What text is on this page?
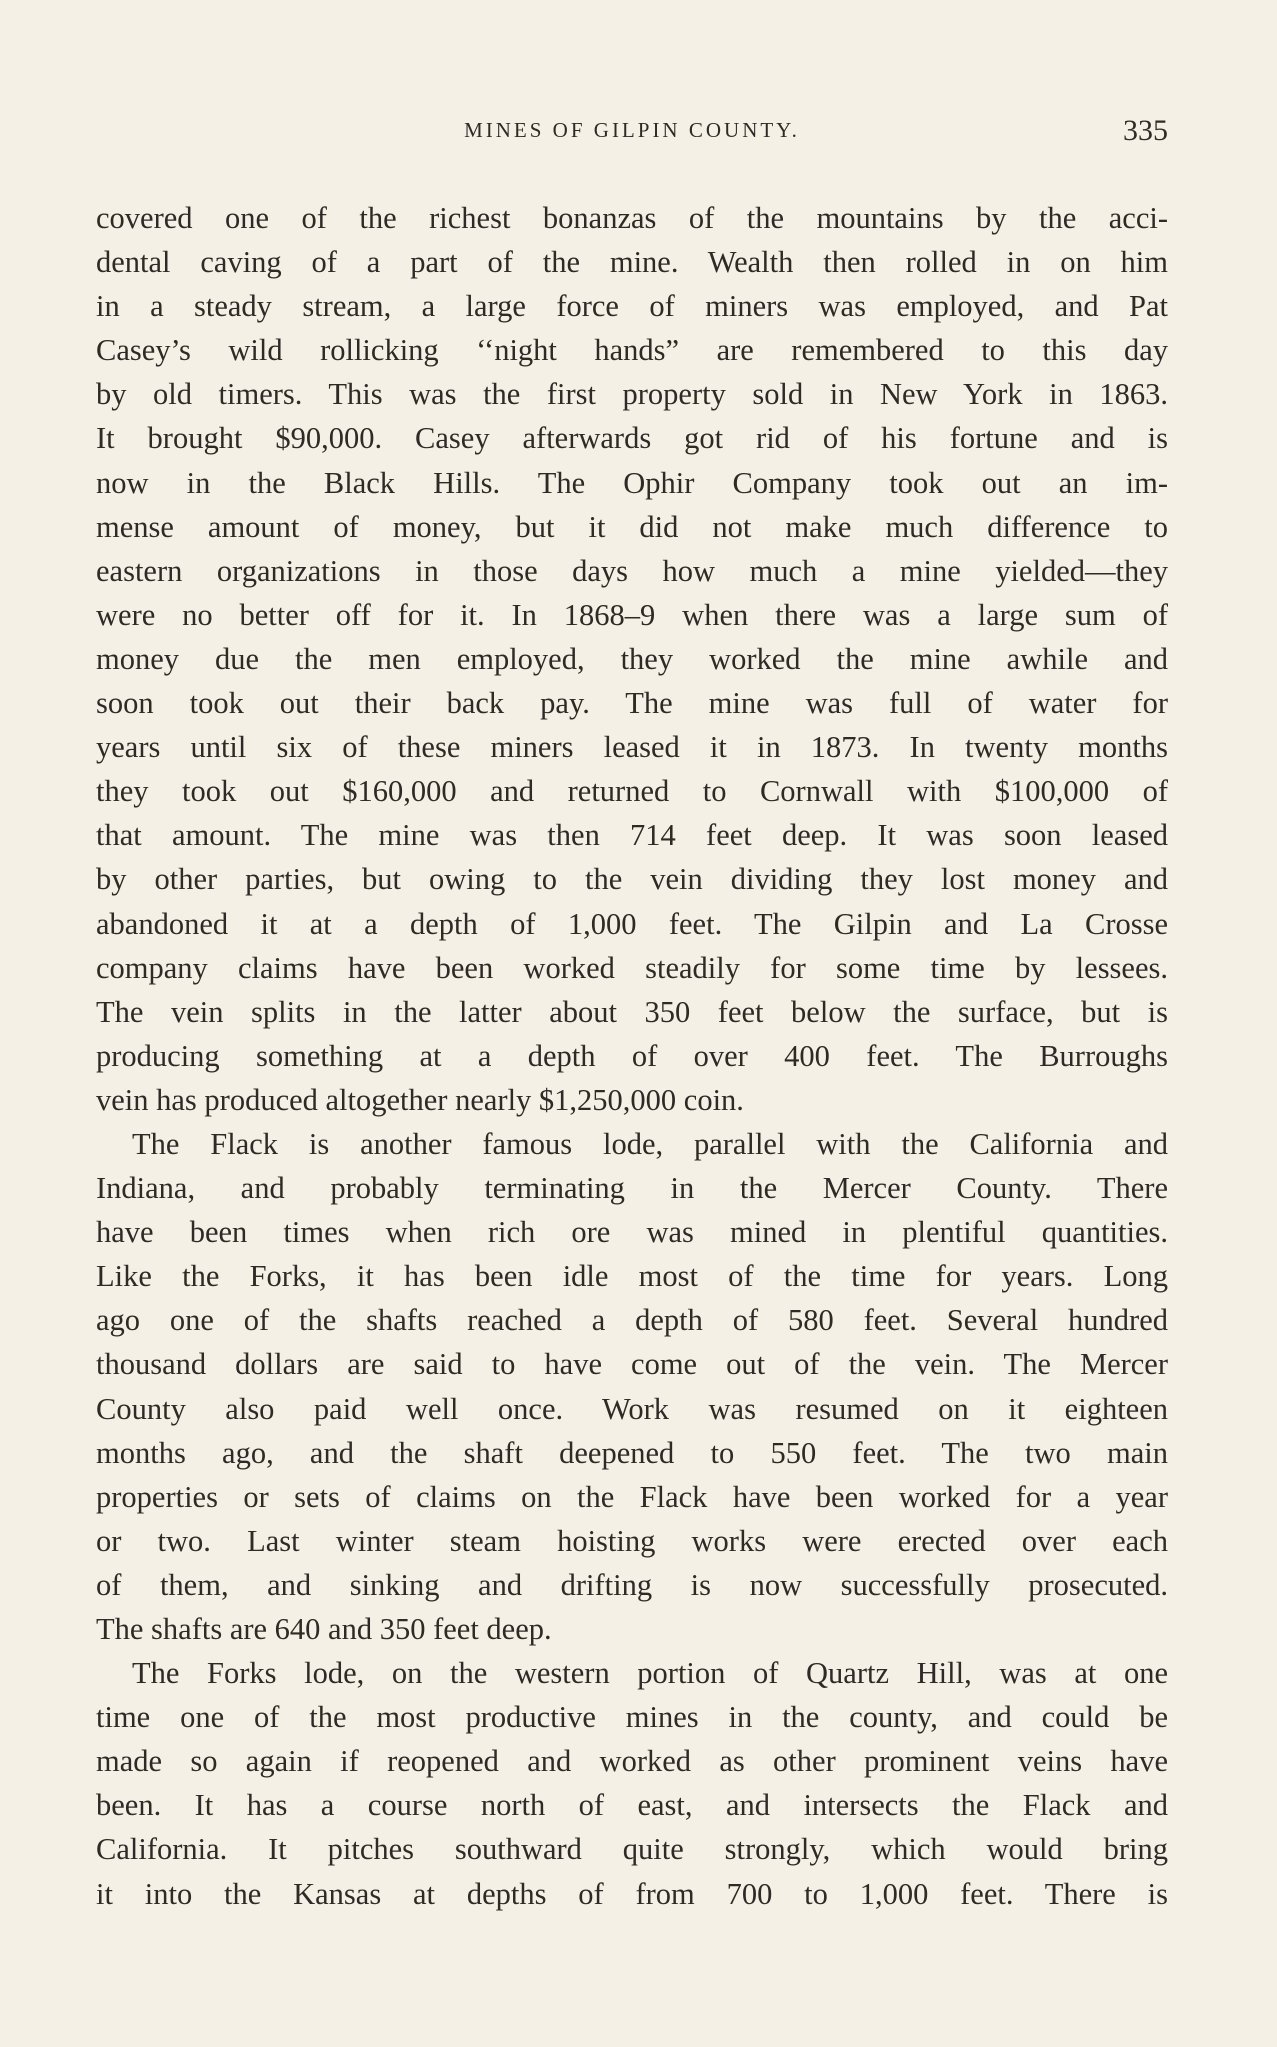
MINES OF GILPIN COUNTY.	335
covered one of the richest bonanzas of the mountains by the acci-
dental caving of a part of the mine. Wealth then rolled in on him
in a steady stream, a large force of miners was employed, and Pat
Casey’s wild rollicking ‘‘night hands” are remembered to this day
by old timers. This was the first property sold in New York in 1863.
It brought $90,000. Casey afterwards got rid of his fortune and is
now in the Black Hills. The Ophir Company took out an im-
mense amount of money, but it did not make much difference to
eastern organizations in those days how much a mine yielded—they
were no better off for it. In 1868–9 when there was a large sum of
money due the men employed, they worked the mine awhile and
soon took out their back pay. The mine was full of water for
years until six of these miners leased it in 1873. In twenty months
they took out $160,000 and returned to Cornwall with $100,000 of
that amount. The mine was then 714 feet deep. It was soon leased
by other parties, but owing to the vein dividing they lost money and
abandoned it at a depth of 1,000 feet. The Gilpin and La Crosse
company claims have been worked steadily for some time by lessees.
The vein splits in the latter about 350 feet below the surface, but is
producing something at a depth of over 400 feet. The Burroughs
vein has produced altogether nearly $1,250,000 coin.
The Flack is another famous lode, parallel with the California and
Indiana, and probably terminating in the Mercer County. There
have been times when rich ore was mined in plentiful quantities.
Like the Forks, it has been idle most of the time for years. Long
ago one of the shafts reached a depth of 580 feet. Several hundred
thousand dollars are said to have come out of the vein. The Mercer
County also paid well once. Work was resumed on it eighteen
months ago, and the shaft deepened to 550 feet. The two main
properties or sets of claims on the Flack have been worked for a year
or two. Last winter steam hoisting works were erected over each
of them, and sinking and drifting is now successfully prosecuted.
The shafts are 640 and 350 feet deep.
The Forks lode, on the western portion of Quartz Hill, was at one
time one of the most productive mines in the county, and could be
made so again if reopened and worked as other prominent veins have
been. It has a course north of east, and intersects the Flack and
California. It pitches southward quite strongly, which would bring
it into the Kansas at depths of from 700 to 1,000 feet. There is
